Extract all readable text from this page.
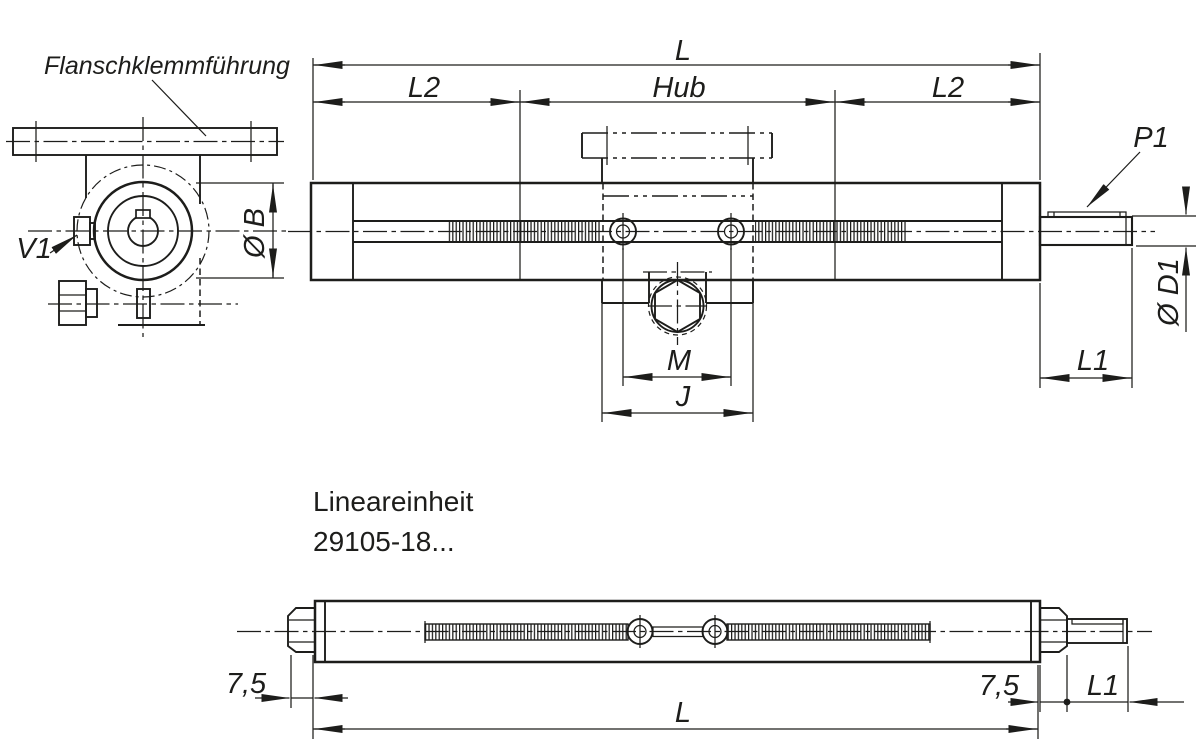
Flanschklemmführung
V1	Ø B
P1
L
L2	Hub	L2
Ø D1
L1
M
J
Lineareinheit
29105-18...
7,5	7,5 L1
L
